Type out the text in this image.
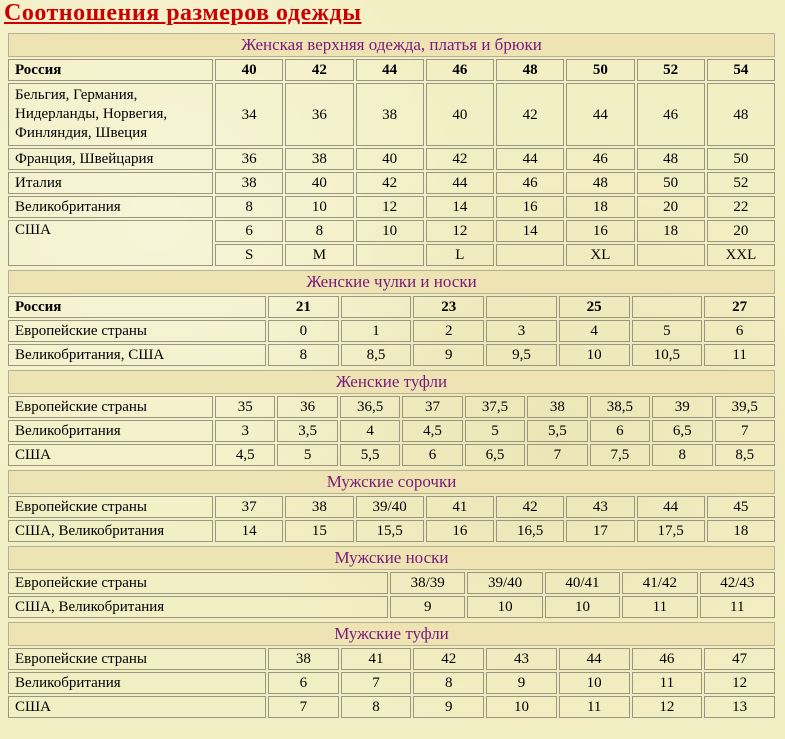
Соотношения размеров одежды
Женская верхняя одежда, платья и брюки								
Россия	40	42	44	46	48	50	52	54
Бельгия, Германия, Нидерланды, Норвегия, Финляндия, Швеция	34	36	38	40	42	44	46	48
Франция, Швейцария	36	38	40	42	44	46	48	50
Италия	38	40	42	44	46	48	50	52
Великобритания	8	10	12	14	16	18	20	22
США	6	8	10	12	14	16	18	20
	S	M		L		XL		XXL
Женские чулки и носки							
Россия	21		23		25		27
Европейские страны	0	1	2	3	4	5	6
Великобритания, США	8	8,5	9	9,5	10	10,5	11
Женские туфли									
Европейские страны	35	36	36,5	37	37,5	38	38,5	39	39,5
Великобритания	3	3,5	4	4,5	5	5,5	6	6,5	7
США	4,5	5	5,5	6	6,5	7	7,5	8	8,5
Мужские сорочки								
Европейские страны	37	38	39/40	41	42	43	44	45
США, Великобритания	14	15	15,5	16	16,5	17	17,5	18
Мужские носки					
Европейские страны	38/39	39/40	40/41	41/42	42/43
США, Великобритания	9	10	10	11	11
Мужские туфли							
Европейские страны	38	41	42	43	44	46	47
Великобритания	6	7	8	9	10	11	12
США	7	8	9	10	11	12	13
